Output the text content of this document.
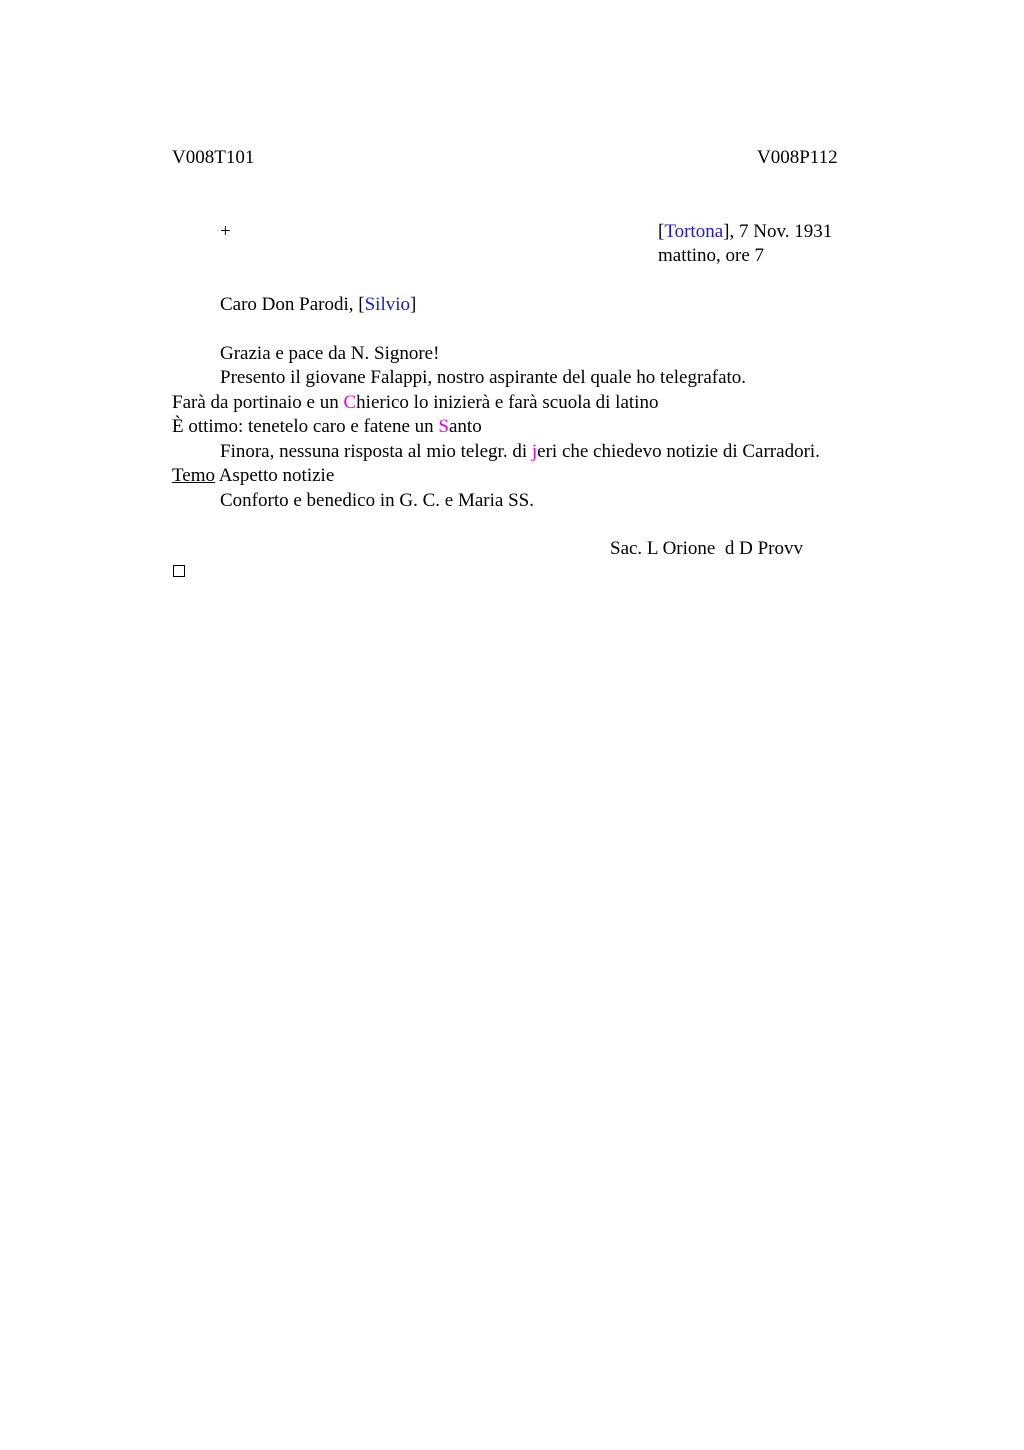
V008T101	V008P112
+	[Tortona], 7 Nov. 1931
mattino, ore 7
Caro Don Parodi, [Silvio]
Grazia e pace da N. Signore!
Presento il giovane Falappi, nostro aspirante del quale ho telegrafato.
Farà da portinaio e un Chierico lo inizierà e farà scuola di latino
È ottimo: tenetelo caro e fatene un Santo
Finora, nessuna risposta al mio telegr. di jeri che chiedevo notizie di Carradori.
Temo Aspetto notizie
Conforto e benedico in G. C. e Maria SS.
Sac. L Orione  d D Provv
